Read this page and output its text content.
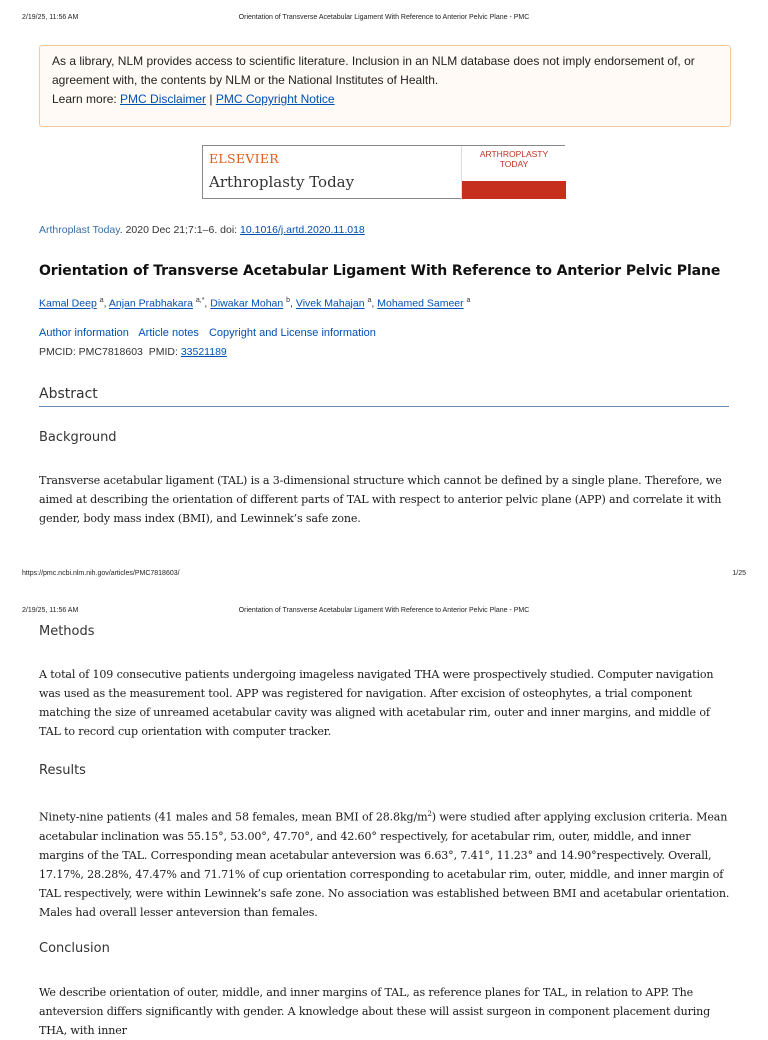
2/19/25, 11:56 AM	Orientation of Transverse Acetabular Ligament With Reference to Anterior Pelvic Plane - PMC
As a library, NLM provides access to scientific literature. Inclusion in an NLM database does not imply endorsement of, or
agreement with, the contents by NLM or the National Institutes of Health.
Learn more: PMC Disclaimer | PMC Copyright Notice
ELSEVIER
Arthroplasty Today
ARTHROPLASTY
TODAY
Arthroplast Today. 2020 Dec 21;7:1–6. doi: 10.1016/j.artd.2020.11.018
Orientation of Transverse Acetabular Ligament With Reference to Anterior Pelvic Plane
Kamal Deep $^a$, Anjan Prabhakara $^{a,*}$, Diwakar Mohan $^b$, Vivek Mahajan $^a$, Mohamed Sameer $^a$
Author information Article notes Copyright and License information
PMCID: PMC7818603 PMID: 33521189
Abstract
Background
Transverse acetabular ligament (TAL) is a 3-dimensional structure which cannot be defined by a single plane. Therefore, we aimed at describing the orientation of different parts of TAL with respect to anterior pelvic plane (APP) and correlate it with gender, body mass index (BMI), and Lewinnek’s safe zone.
https://pmc.ncbi.nlm.nih.gov/articles/PMC7818603/	1/25
2/19/25, 11:56 AM	Orientation of Transverse Acetabular Ligament With Reference to Anterior Pelvic Plane - PMC
Methods
A total of 109 consecutive patients undergoing imageless navigated THA were prospectively studied. Computer navigation was used as the measurement tool. APP was registered for navigation. After excision of osteophytes, a trial component matching the size of unreamed acetabular cavity was aligned with acetabular rim, outer and inner margins, and middle of TAL to record cup orientation with computer tracker.
Results
Ninety-nine patients (41 males and 58 females, mean BMI of $28.8kg/m^2$) were studied after applying exclusion criteria. Mean acetabular inclination was 55.15°, 53.00°, 47.70°, and 42.60° respectively, for acetabular rim, outer, middle, and inner margins of the TAL. Corresponding mean acetabular anteversion was 6.63°, 7.41°, 11.23° and 14.90°respectively. Overall, 17.17%, 28.28%, 47.47% and 71.71% of cup orientation corresponding to acetabular rim, outer, middle, and inner margin of TAL respectively, were within Lewinnek’s safe zone. No association was established between BMI and acetabular orientation. Males had overall lesser anteversion than females.
Conclusion
We describe orientation of outer, middle, and inner margins of TAL, as reference planes for TAL, in relation to APP. The anteversion differs significantly with gender. A knowledge about these will assist surgeon in component placement during THA, with inner
